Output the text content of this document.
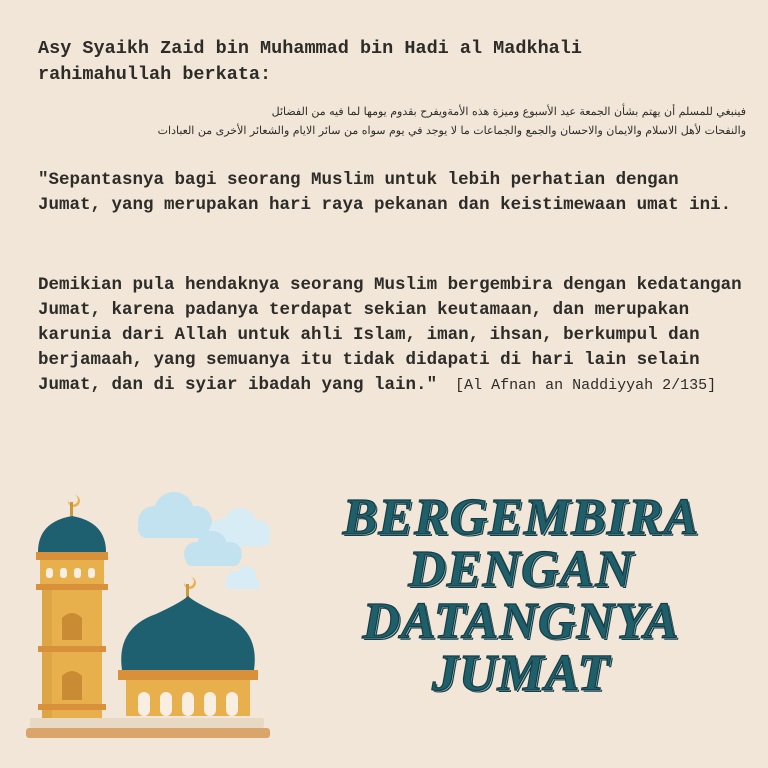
Asy Syaikh Zaid bin Muhammad bin Hadi al Madkhali
rahimahullah berkata:
فينبغي للمسلم أن يهتم بشأن الجمعة عيد الأسبوع وميزة هذه الأمةويفرح بقدوم يومها لما فيه من الفضائل
والنفحات لأهل الاسلام والايمان والاحسان والجمع والجماعات ما لا يوجد في يوم سواه من سائر الايام والشعائر الأخرى من العبادات

"Sepantasnya bagi seorang Muslim untuk lebih perhatian dengan Jumat, yang merupakan hari raya pekanan dan keistimewaan umat ini.

Demikian pula hendaknya seorang Muslim bergembira dengan kedatangan Jumat, karena padanya terdapat sekian keutamaan, dan merupakan karunia dari Allah untuk ahli Islam, iman, ihsan, berkumpul dan berjamaah, yang semuanya itu tidak didapati di hari lain selain Jumat, dan di syiar ibadah yang lain." [Al Afnan an Naddiyyah 2/135]

BERGEMBIRA
DENGAN
DATANGNYA
JUMAT
